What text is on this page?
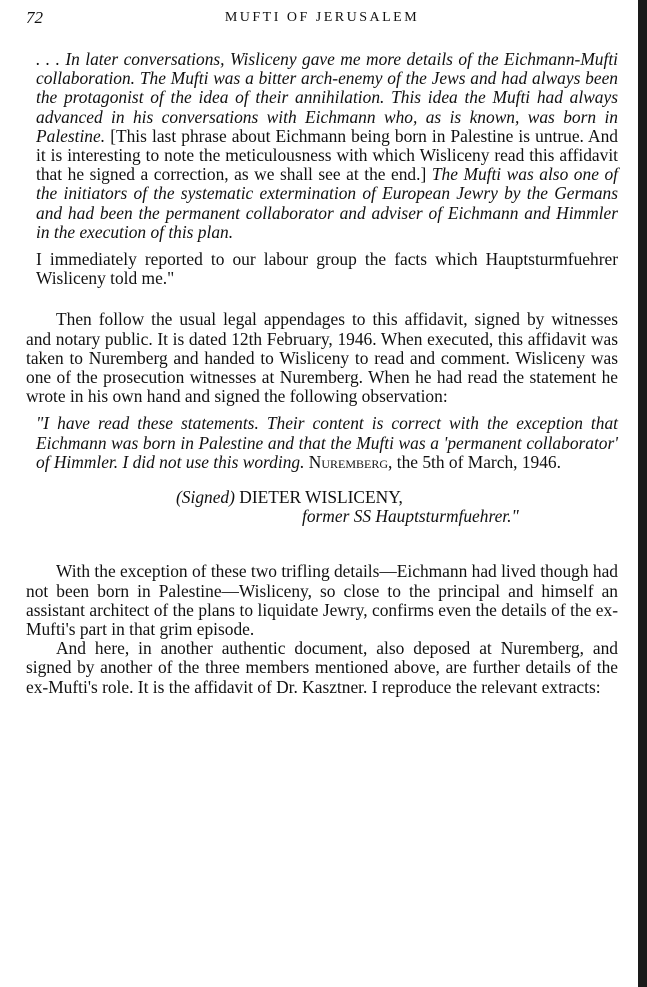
72	MUFTI OF JERUSALEM

. . . In later conversations, Wisliceny gave me more details of the Eichmann-Mufti collaboration. The Mufti was a bitter arch-enemy of the Jews and had always been the protagonist of the idea of their annihilation. This idea the Mufti had always advanced in his conversations with Eichmann who, as is known, was born in Palestine. [This last phrase about Eichmann being born in Palestine is untrue. And it is interesting to note the meticulousness with which Wisliceny read this affidavit that he signed a correction, as we shall see at the end.] The Mufti was also one of the initiators of the systematic extermination of European Jewry by the Germans and had been the permanent collaborator and adviser of Eichmann and Himmler in the execution of this plan.

I immediately reported to our labour group the facts which Hauptsturmfuehrer Wisliceny told me."

Then follow the usual legal appendages to this affidavit, signed by witnesses and notary public. It is dated 12th February, 1946. When executed, this affidavit was taken to Nuremberg and handed to Wisliceny to read and comment. Wisliceny was one of the prosecution witnesses at Nuremberg. When he had read the statement he wrote in his own hand and signed the following observation:

"I have read these statements. Their content is correct with the exception that Eichmann was born in Palestine and that the Mufti was a 'permanent collaborator' of Himmler. I did not use this wording. Nuremberg, the 5th of March, 1946.

(Signed) DIETER WISLICENY,
former SS Hauptsturmfuehrer."

With the exception of these two trifling details—Eichmann had lived though had not been born in Palestine—Wisliceny, so close to the principal and himself an assistant architect of the plans to liquidate Jewry, confirms even the details of the ex-Mufti's part in that grim episode.

And here, in another authentic document, also deposed at Nuremberg, and signed by another of the three members mentioned above, are further details of the ex-Mufti's role. It is the affidavit of Dr. Kasztner. I reproduce the relevant extracts:
